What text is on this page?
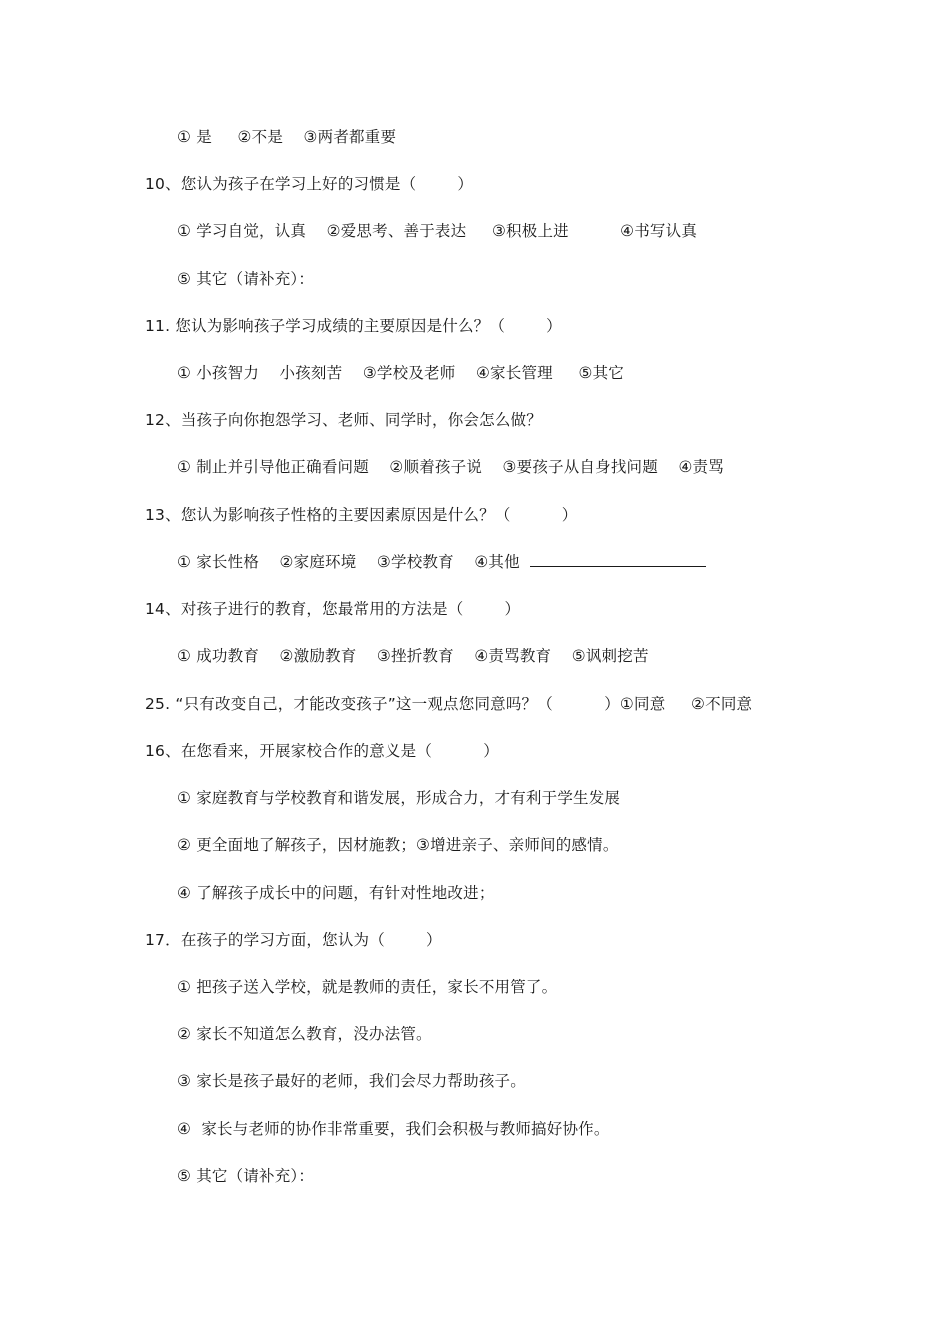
① 是     ②不是    ③两者都重要
10、您认为孩子在学习上好的习惯是（        ）
① 学习自觉，认真    ②爱思考、善于表达     ③积极上进          ④书写认真
⑤ 其它（请补充）：
11. 您认为影响孩子学习成绩的主要原因是什么？（        ）
① 小孩智力    小孩刻苦    ③学校及老师    ④家长管理     ⑤其它
12、当孩子向你抱怨学习、老师、同学时，你会怎么做？
① 制止并引导他正确看问题    ②顺着孩子说    ③要孩子从自身找问题    ④责骂
13、您认为影响孩子性格的主要因素原因是什么？（          ）
① 家长性格    ②家庭环境    ③学校教育    ④其他
14、对孩子进行的教育，您最常用的方法是（        ）
① 成功教育    ②激励教育    ③挫折教育    ④责骂教育    ⑤讽刺挖苦
25. “只有改变自己，才能改变孩子”这一观点您同意吗？（          ）①同意     ②不同意
16、在您看来，开展家校合作的意义是（          ）
① 家庭教育与学校教育和谐发展，形成合力，才有利于学生发展
② 更全面地了解孩子，因材施教；③增进亲子、亲师间的感情。
④ 了解孩子成长中的问题，有针对性地改进；
17．在孩子的学习方面，您认为（        ）
① 把孩子送入学校，就是教师的责任，家长不用管了。
② 家长不知道怎么教育，没办法管。
③ 家长是孩子最好的老师，我们会尽力帮助孩子。
④  家长与老师的协作非常重要，我们会积极与教师搞好协作。
⑤ 其它（请补充）：
